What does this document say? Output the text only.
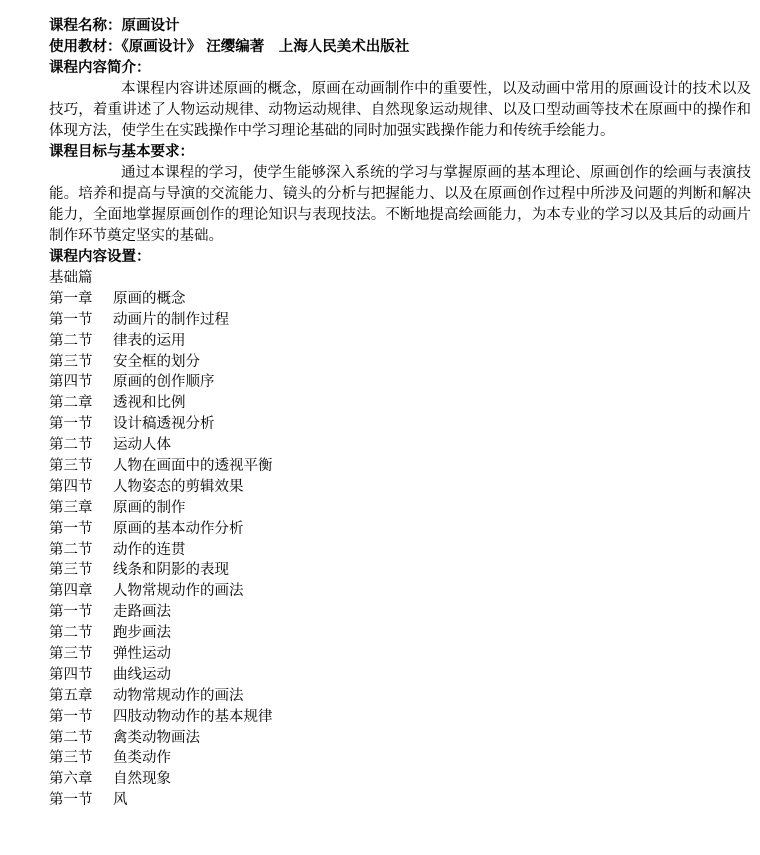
课程名称：原画设计
使用教材：《原画设计》 汪缨编著　上海人民美术出版社
课程内容简介：

本课程内容讲述原画的概念，原画在动画制作中的重要性，以及动画中常用的原画设计的技术以及技巧，着重讲述了人物运动规律、动物运动规律、自然现象运动规律、以及口型动画等技术在原画中的操作和体现方法，使学生在实践操作中学习理论基础的同时加强实践操作能力和传统手绘能力。

课程目标与基本要求：

通过本课程的学习，使学生能够深入系统的学习与掌握原画的基本理论、原画创作的绘画与表演技能。培养和提高与导演的交流能力、镜头的分析与把握能力、以及在原画创作过程中所涉及问题的判断和解决能力，全面地掌握原画创作的理论知识与表现技法。不断地提高绘画能力，为本专业的学习以及其后的动画片制作环节奠定坚实的基础。

课程内容设置：
基础篇
第一章 原画的概念
第一节 动画片的制作过程
第二节 律表的运用
第三节 安全框的划分
第四节 原画的创作顺序
第二章 透视和比例
第一节 设计稿透视分析
第二节 运动人体
第三节 人物在画面中的透视平衡
第四节 人物姿态的剪辑效果
第三章 原画的制作
第一节 原画的基本动作分析
第二节 动作的连贯
第三节 线条和阴影的表现
第四章 人物常规动作的画法
第一节 走路画法
第二节 跑步画法
第三节 弹性运动
第四节 曲线运动
第五章 动物常规动作的画法
第一节 四肢动物动作的基本规律
第二节 禽类动物画法
第三节 鱼类动作
第六章 自然现象
第一节 风
